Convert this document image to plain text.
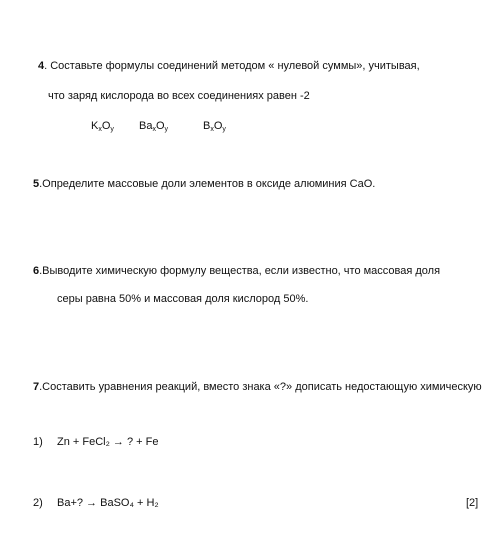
4. Составьте формулы соединений методом « нулевой суммы», учитывая,
что заряд кислорода во всех соединениях равен -2
$K_xO_y$ $Ba_xO_y$	$B_xO_y$
5.Определите массовые доли элементов в оксиде алюминия CaO.
6.Выводите химическую формулу вещества, если известно, что массовая доля
серы равна 50% и массовая доля кислород 50%.
7.Составить уравнения реакций, вместо знака «?» дописать недостающую химическую
1) Zn + FeCl₂ → ? + Fe
2) Ba+? → BaSO₄ + H₂	[2]
